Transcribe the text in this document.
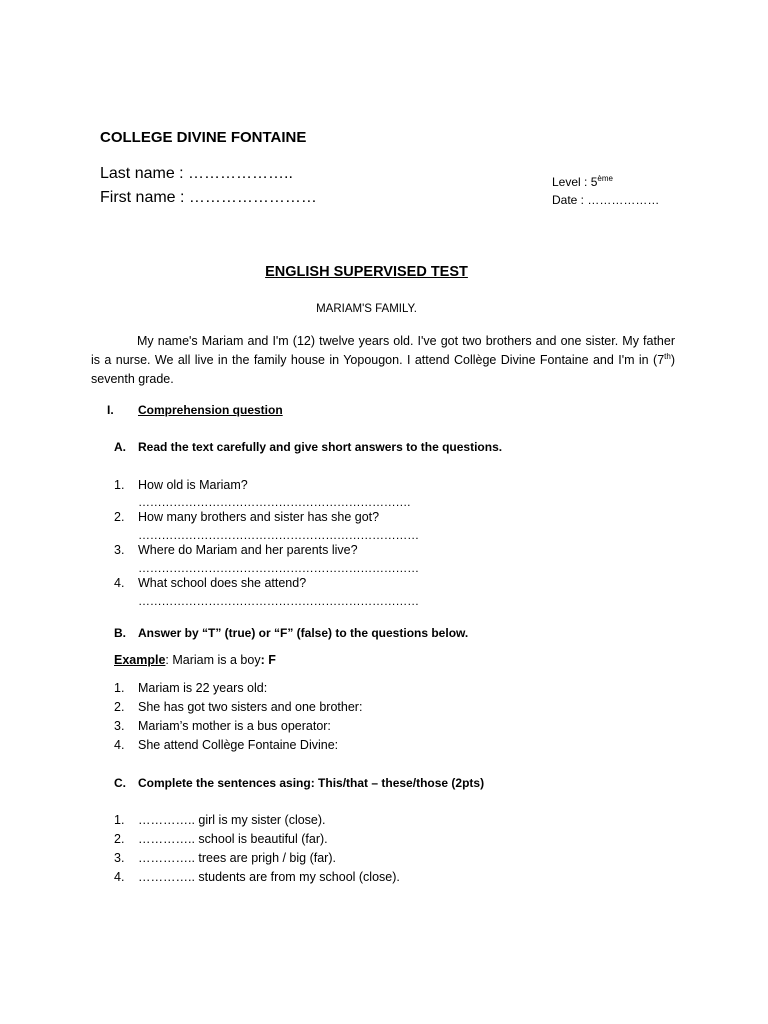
COLLEGE DIVINE FONTAINE
Last name : ………………..
First name : ……………………
Level : 5ème
Date : ………………
ENGLISH SUPERVISED TEST
MARIAM'S FAMILY.
My name's Mariam and I'm (12) twelve years old. I've got two brothers and one sister. My father is a nurse. We all live in the family house in Yopougon. I attend Collège Divine Fontaine and I'm in (7th) seventh grade.
I. Comprehension question
A. Read the text carefully and give short answers to the questions.
1. How old is Mariam?
…………………………………………………………….
2. How many brothers and sister has she got?
………………………………………………………………
3. Where do Mariam and her parents live?
………………………………………………………………
4. What school does she attend?
………………………………………………………………
B. Answer by “T” (true) or “F” (false) to the questions below.
Example: Mariam is a boy: F
1. Mariam is 22 years old:
2. She has got two sisters and one brother:
3. Mariam’s mother is a bus operator:
4. She attend Collège Fontaine Divine:
C. Complete the sentences asing: This/that – these/those (2pts)
1. ………….. girl is my sister (close).
2. ………….. school is beautiful (far).
3. ………….. trees are prigh / big (far).
4. ………….. students are from my school (close).
